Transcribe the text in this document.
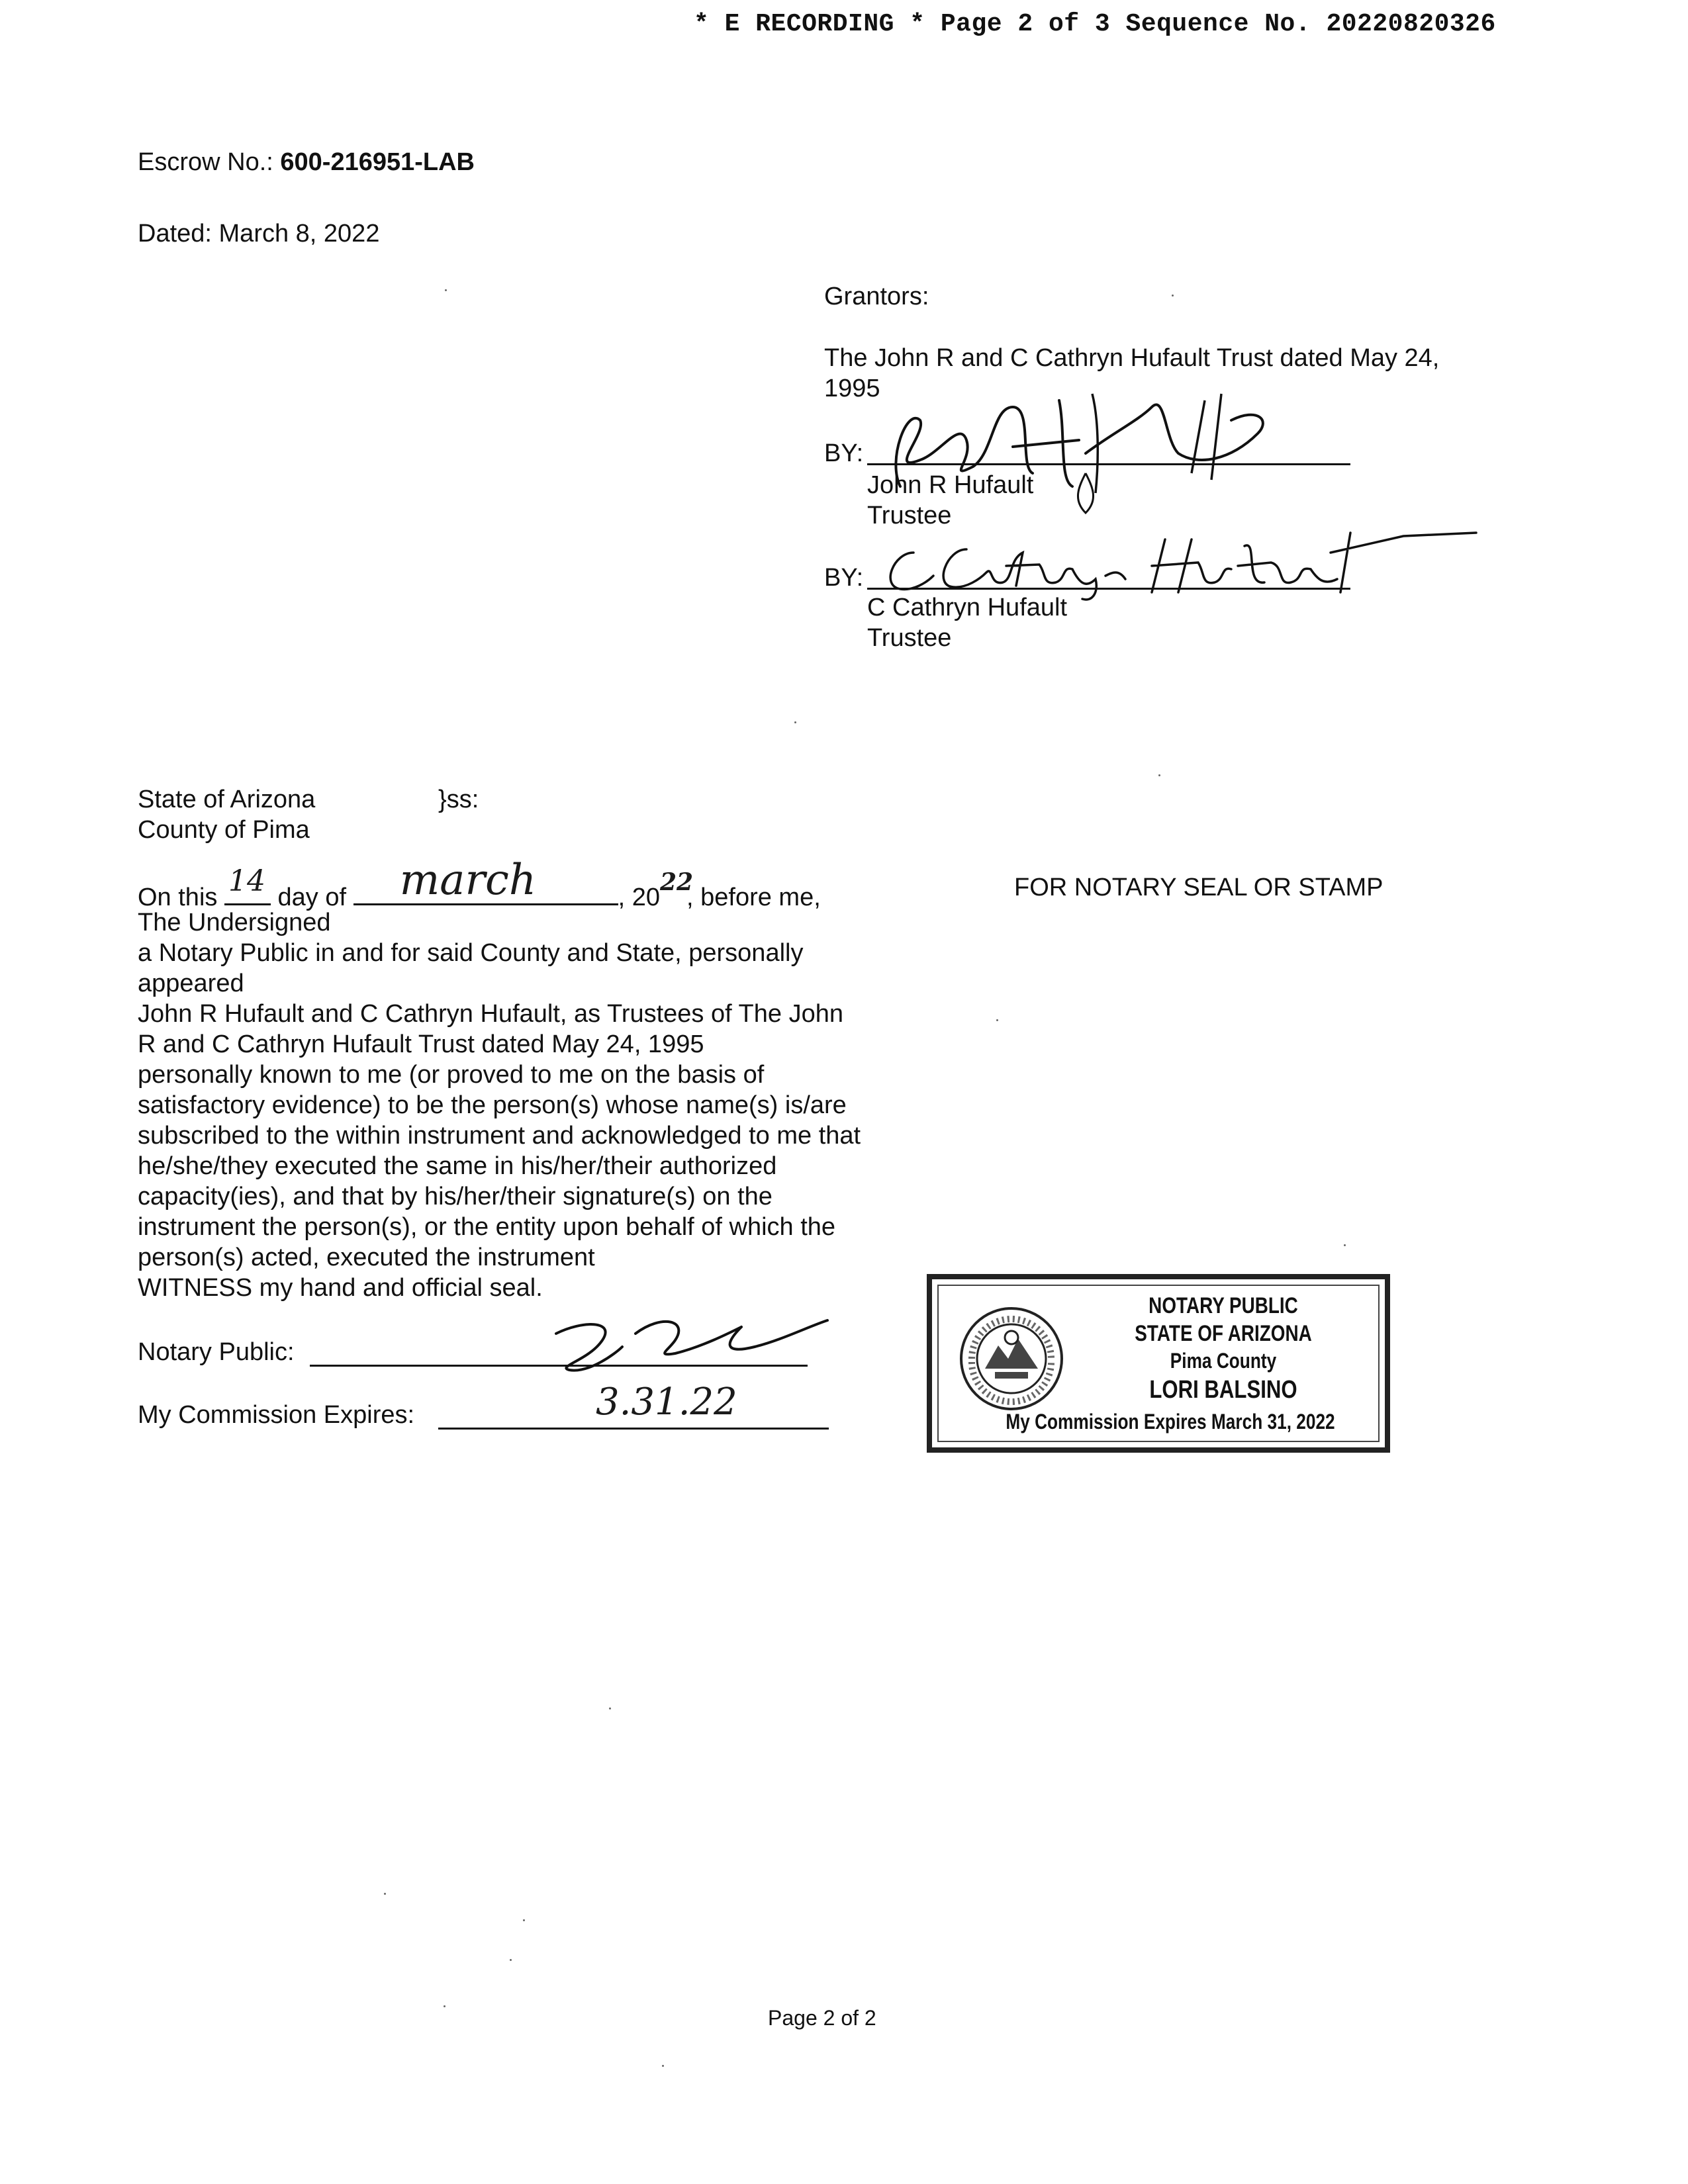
* E RECORDING * Page 2 of 3 Sequence No. 20220820326
Escrow No.: 600-216951-LAB
Dated: March 8, 2022
Grantors:
The John R and C Cathryn Hufault Trust dated May 24,
1995
BY:
John R Hufault
Trustee
BY:
C Cathryn Hufault
Trustee
State of Arizona	}ss:
County of Pima
On this 14 day of march	, 20
22
, before me,
The Undersigned
a Notary Public in and for said County and State, personally
appeared
John R Hufault and C Cathryn Hufault, as Trustees of The John
R and C Cathryn Hufault Trust dated May 24, 1995
personally known to me (or proved to me on the basis of
satisfactory evidence) to be the person(s) whose name(s) is/are
subscribed to the within instrument and acknowledged to me that
he/she/they executed the same in his/her/their authorized
capacity(ies), and that by his/her/their signature(s) on the
instrument the person(s), or the entity upon behalf of which the
person(s) acted, executed the instrument
WITNESS my hand and official seal.
FOR NOTARY SEAL OR STAMP
Notary Public:
My Commission Expires:	3.31.22
NOTARY PUBLIC
STATE OF ARIZONA
Pima County
LORI BALSINO
My Commission Expires March 31, 2022
Page 2 of 2
